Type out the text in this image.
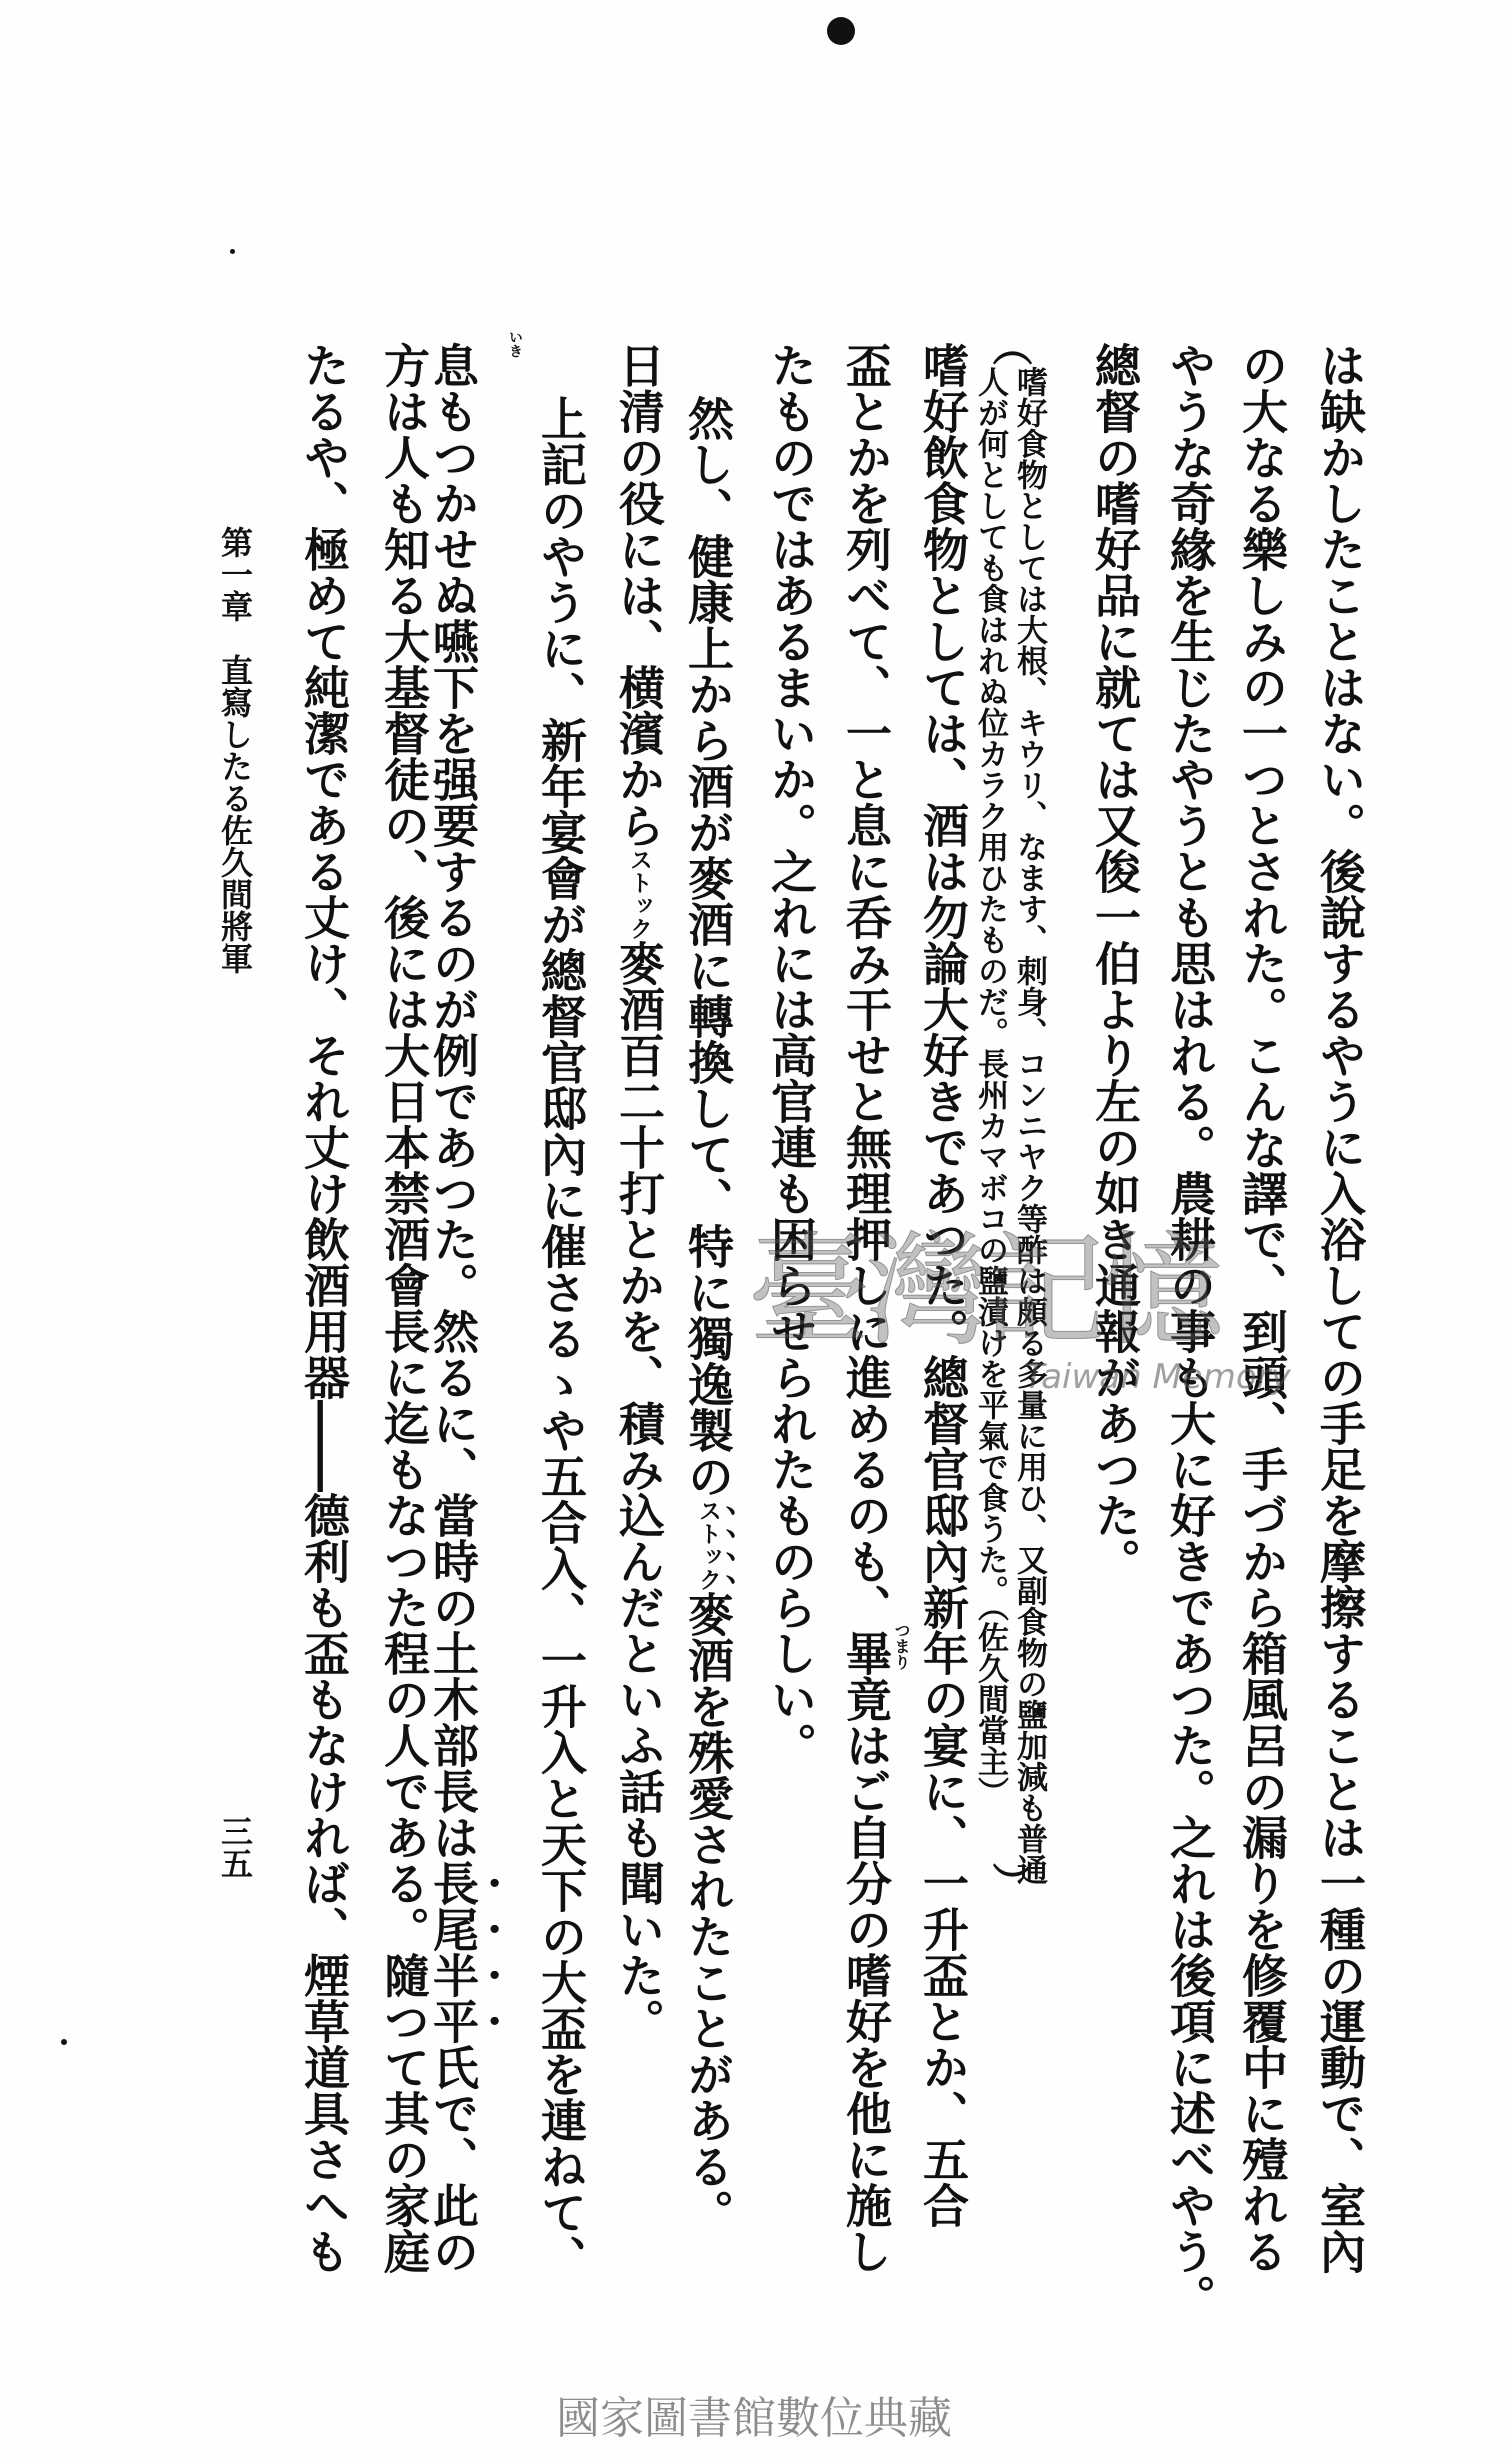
は缺かしたことはない。後說するやうに入浴しての手足を摩擦することは一種の運動で、室內
の大なる樂しみの一つとされた。こんな譯で、到頭、手づから箱風呂の漏りを修覆中に殪れる
やうな奇緣を生じたやうとも思はれる。農耕の事も大に好きであつた。之れは後項に述べやう。
總督の嗜好品に就ては又俊一伯より左の如き通報があつた。
（
嗜好食物としては大根、キウリ、なます、刺身、コンニヤク等酢は頗る多量に用ひ、又副食物の鹽加減も普通
人が何としても食はれぬ位カラク用ひたものだ。長州カマボコの鹽漬けを平氣で食うた。（佐久間當主）
）
嗜好飲食物としては、酒は勿論大好きであつた。總督官邸內新年の宴に、一升盃とか、五合
盃とかを列べて、一と息に呑み干せと無理押しに進めるのも、畢竟はご自分の嗜好を他に施し
つまり
たものではあるまいか。之れには高官連も困らせられたものらしい。
然し、健康上から酒が麥酒に轉換して、特に獨逸製のストック麥酒を殊愛されたことがある。
日清の役には、横濱からストック麥酒百二十打とかを、積み込んだといふ話も聞いた。
上記のやうに、新年宴會が總督官邸內に催さるゝや五合入、一升入と天下の大盃を連ねて、
息もつかせぬ嚥下を强要するのが例であつた。然るに、當時の土木部長は長尾半平氏で、此の
いき
方は人も知る大基督徒の、後には大日本禁酒會長に迄もなつた程の人である。隨つて其の家庭
たるや、極めて純潔である丈け、それ丈け飲酒用器――德利も盃もなければ、煙草道具さへも
第一章　直寫したる佐久間將軍
三五
臺灣記憶
Taiwan Memory
國家圖書館數位典藏
